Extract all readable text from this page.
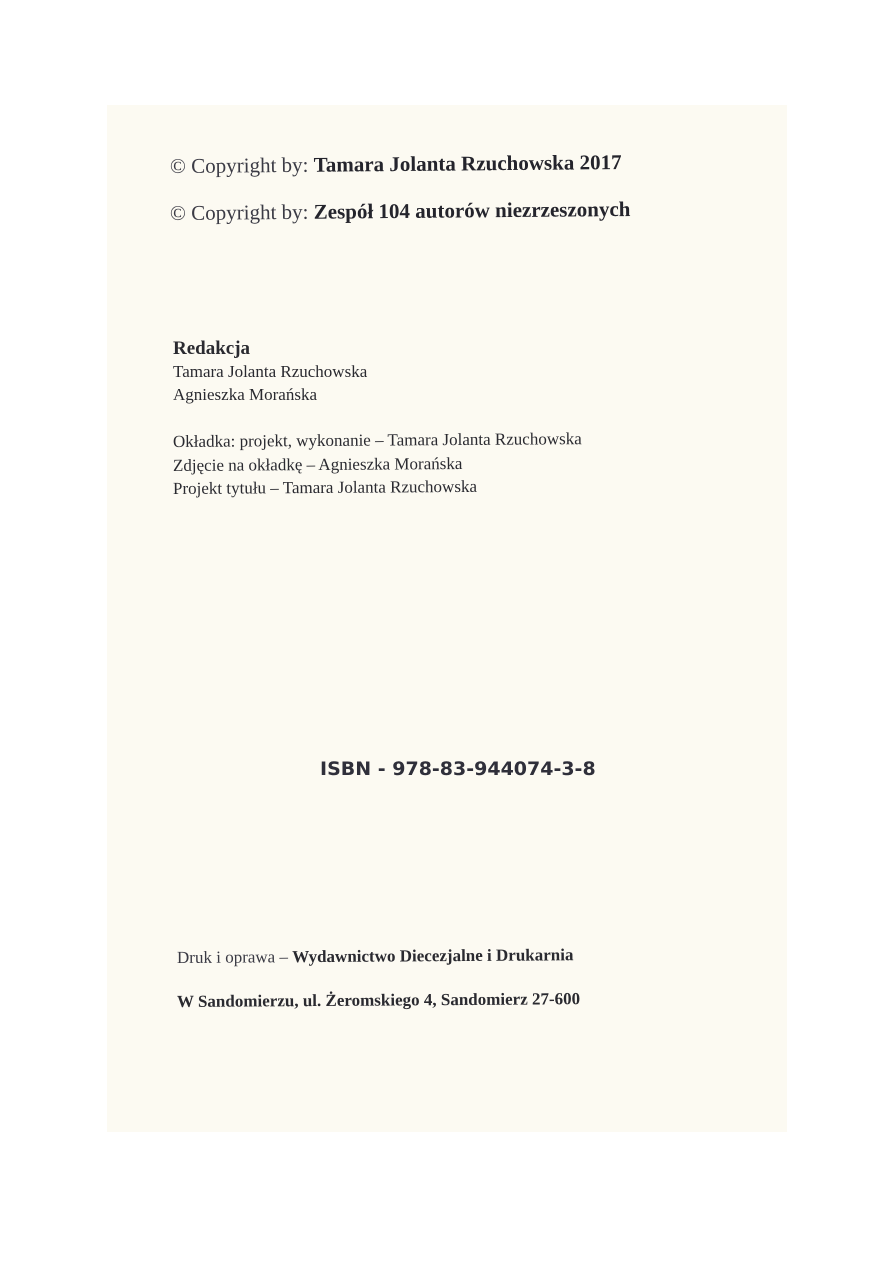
© Copyright by: Tamara Jolanta Rzuchowska 2017
© Copyright by: Zespół 104 autorów niezrzeszonych
Redakcja
Tamara Jolanta Rzuchowska
Agnieszka Morańska
Okładka: projekt, wykonanie – Tamara Jolanta Rzuchowska
Zdjęcie na okładkę – Agnieszka Morańska
Projekt tytułu – Tamara Jolanta Rzuchowska
ISBN - 978-83-944074-3-8
Druk i oprawa – Wydawnictwo Diecezjalne i Drukarnia
W Sandomierzu, ul. Żeromskiego 4, Sandomierz 27-600
